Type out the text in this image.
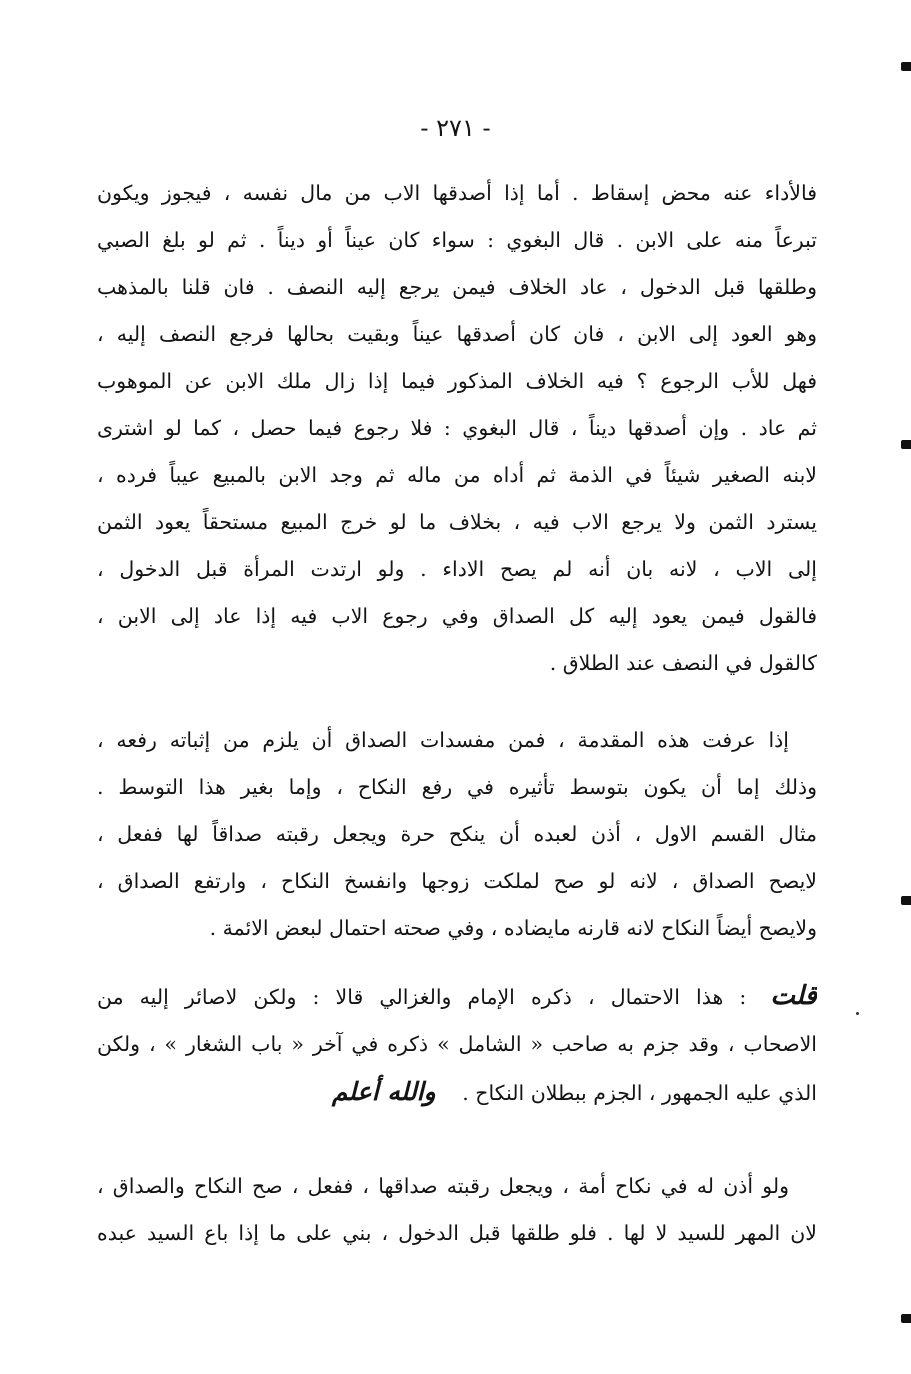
- ٢٧١ -
فالأداء عنه محض إسقاط . أما إذا أصدقها الاب من مال نفسه ، فيجوز ويكون
تبرعاً منه على الابن . قال البغوي : سواء كان عيناً أو ديناً . ثم لو بلغ الصبي
وطلقها قبل الدخول ، عاد الخلاف فيمن يرجع إليه النصف . فان قلنا بالمذهب
وهو العود إلى الابن ، فان كان أصدقها عيناً وبقيت بحالها فرجع النصف إليه ،
فهل للأب الرجوع ؟ فيه الخلاف المذكور فيما إذا زال ملك الابن عن الموهوب
ثم عاد . وإن أصدقها ديناً ، قال البغوي : فلا رجوع فيما حصل ، كما لو اشترى
لابنه الصغير شيئاً في الذمة ثم أداه من ماله ثم وجد الابن بالمبيع عيباً فرده ،
يسترد الثمن ولا يرجع الاب فيه ، بخلاف ما لو خرج المبيع مستحقاً يعود الثمن
إلى الاب ، لانه بان أنه لم يصح الاداء . ولو ارتدت المرأة قبل الدخول ،
فالقول فيمن يعود إليه كل الصداق وفي رجوع الاب فيه إذا عاد إلى الابن ،
كالقول في النصف عند الطلاق .
إذا عرفت هذه المقدمة ، فمن مفسدات الصداق أن يلزم من إثباته رفعه ،
وذلك إما أن يكون بتوسط تأثيره في رفع النكاح ، وإما بغير هذا التوسط .
مثال القسم الاول ، أذن لعبده أن ينكح حرة ويجعل رقبته صداقاً لها ففعل ،
لايصح الصداق ، لانه لو صح لملكت زوجها وانفسخ النكاح ، وارتفع الصداق ،
ولايصح أيضاً النكاح لانه قارنه مايضاده ، وفي صحته احتمال لبعض الائمة .
قلت : هذا الاحتمال ، ذكره الإمام والغزالي قالا : ولكن لاصائر إليه من
الاصحاب ، وقد جزم به صاحب « الشامل » ذكره في آخر « باب الشغار » ، ولكن
الذي عليه الجمهور ، الجزم ببطلان النكاح . والله أعلم
ولو أذن له في نكاح أمة ، ويجعل رقبته صداقها ، ففعل ، صح النكاح والصداق ،
لان المهر للسيد لا لها . فلو طلقها قبل الدخول ، بني على ما إذا باع السيد عبده
